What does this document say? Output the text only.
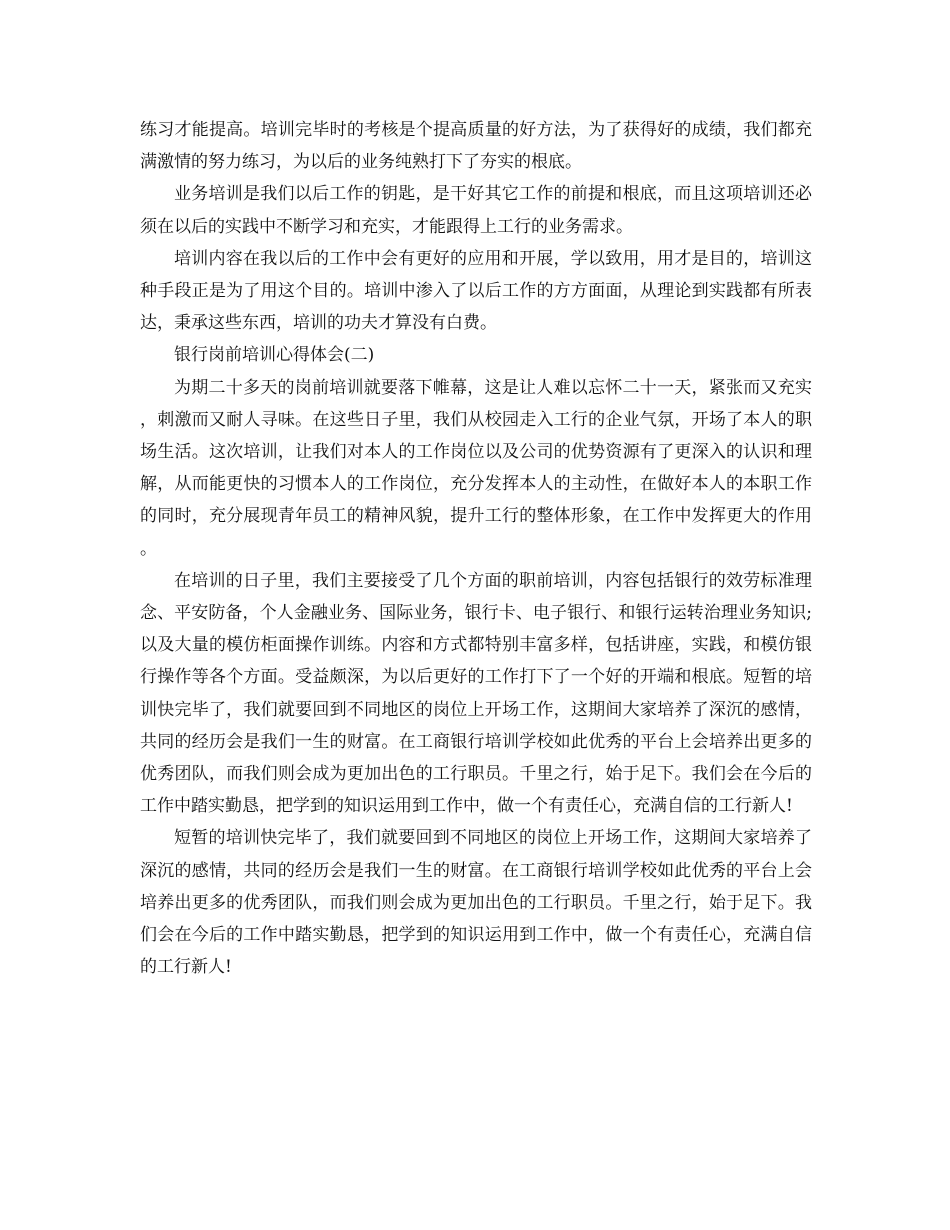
练习才能提高。培训完毕时的考核是个提高质量的好方法，为了获得好的成绩，我们都充满激情的努力练习，为以后的业务纯熟打下了夯实的根底。

业务培训是我们以后工作的钥匙，是干好其它工作的前提和根底，而且这项培训还必须在以后的实践中不断学习和充实，才能跟得上工行的业务需求。

培训内容在我以后的工作中会有更好的应用和开展，学以致用，用才是目的，培训这种手段正是为了用这个目的。培训中渗入了以后工作的方方面面，从理论到实践都有所表达，秉承这些东西，培训的功夫才算没有白费。

银行岗前培训心得体会(二)

为期二十多天的岗前培训就要落下帷幕，这是让人难以忘怀二十一天，紧张而又充实，刺激而又耐人寻味。在这些日子里，我们从校园走入工行的企业气氛，开场了本人的职场生活。这次培训，让我们对本人的工作岗位以及公司的优势资源有了更深入的认识和理解，从而能更快的习惯本人的工作岗位，充分发挥本人的主动性，在做好本人的本职工作的同时，充分展现青年员工的精神风貌，提升工行的整体形象，在工作中发挥更大的作用。

在培训的日子里，我们主要接受了几个方面的职前培训，内容包括银行的效劳标准理念、平安防备，个人金融业务、国际业务，银行卡、电子银行、和银行运转治理业务知识;以及大量的模仿柜面操作训练。内容和方式都特别丰富多样，包括讲座，实践，和模仿银行操作等各个方面。受益颇深，为以后更好的工作打下了一个好的开端和根底。短暂的培训快完毕了，我们就要回到不同地区的岗位上开场工作，这期间大家培养了深沉的感情，共同的经历会是我们一生的财富。在工商银行培训学校如此优秀的平台上会培养出更多的优秀团队，而我们则会成为更加出色的工行职员。千里之行，始于足下。我们会在今后的工作中踏实勤恳，把学到的知识运用到工作中，做一个有责任心，充满自信的工行新人!

短暂的培训快完毕了，我们就要回到不同地区的岗位上开场工作，这期间大家培养了深沉的感情，共同的经历会是我们一生的财富。在工商银行培训学校如此优秀的平台上会培养出更多的优秀团队，而我们则会成为更加出色的工行职员。千里之行，始于足下。我们会在今后的工作中踏实勤恳，把学到的知识运用到工作中，做一个有责任心，充满自信的工行新人!
